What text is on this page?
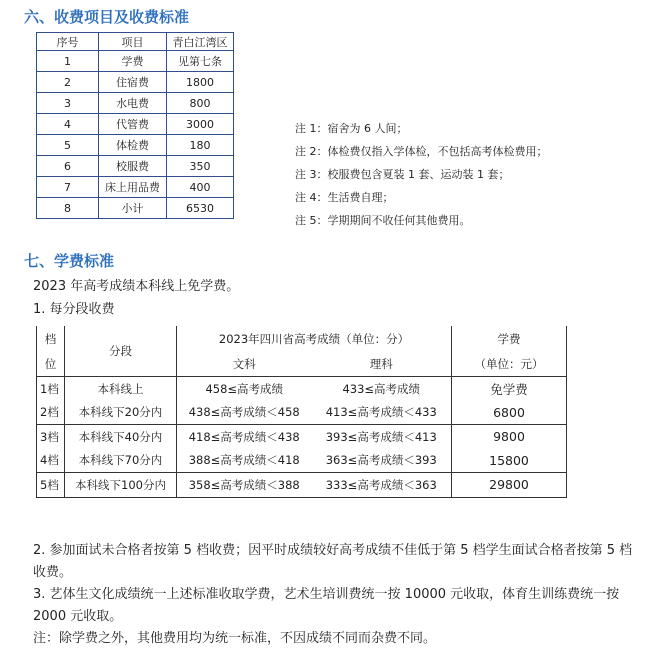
六、收费项目及收费标准
序号	项目	青白江湾区
1	学费	见第七条
2	住宿费	1800
3	水电费	800
4	代管费	3000
5	体检费	180
6	校服费	350
7	床上用品费	400
8	小计	6530
注 1：宿舍为 6 人间；
注 2：体检费仅指入学体检，不包括高考体检费用；
注 3：校服费包含夏装 1 套、运动装 1 套；
注 4：生活费自理；
注 5：学期期间不收任何其他费用。
七、学费标准
2023 年高考成绩本科线上免学费。
1. 每分段收费
档	分段	2023年四川省高考成绩（单位：分）		学费
位		文科	理科	（单位：元）
1档	本科线上	458≤高考成绩	433≤高考成绩	免学费
2档	本科线下20分内	438≤高考成绩＜458	413≤高考成绩＜433	6800
3档	本科线下40分内	418≤高考成绩＜438	393≤高考成绩＜413	9800
4档	本科线下70分内	388≤高考成绩＜418	363≤高考成绩＜393	15800
5档	本科线下100分内	358≤高考成绩＜388	333≤高考成绩＜363	29800
2. 参加面试未合格者按第 5 档收费；因平时成绩较好高考成绩不佳低于第 5 档学生面试合格者按第 5 档收费。
3. 艺体生文化成绩统一上述标准收取学费，艺术生培训费统一按 10000 元收取，体育生训练费统一按 2000 元收取。
注：除学费之外，其他费用均为统一标准，不因成绩不同而杂费不同。
